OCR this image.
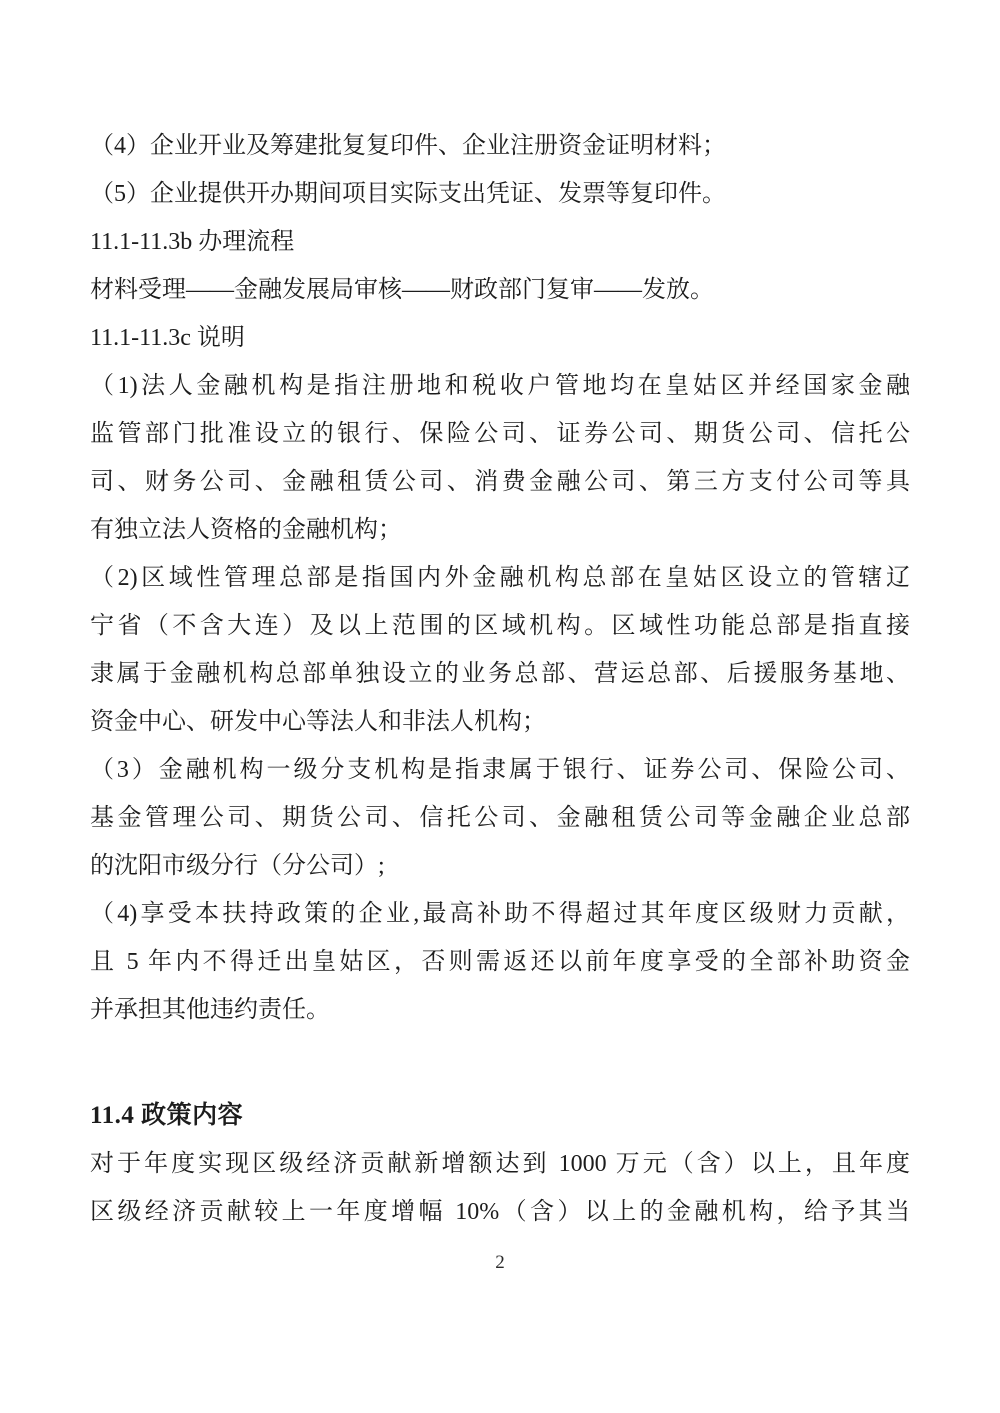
（4）企业开业及筹建批复复印件、企业注册资金证明材料；
（5）企业提供开办期间项目实际支出凭证、发票等复印件。
11.1-11.3b 办理流程
材料受理——金融发展局审核——财政部门复审——发放。
11.1-11.3c 说明
（1)法人金融机构是指注册地和税收户管地均在皇姑区并经国家金融
监管部门批准设立的银行、保险公司、证券公司、期货公司、信托公
司、财务公司、金融租赁公司、消费金融公司、第三方支付公司等具
有独立法人资格的金融机构；
（2)区域性管理总部是指国内外金融机构总部在皇姑区设立的管辖辽
宁省（不含大连）及以上范围的区域机构。区域性功能总部是指直接
隶属于金融机构总部单独设立的业务总部、营运总部、后援服务基地、
资金中心、研发中心等法人和非法人机构；
（3）金融机构一级分支机构是指隶属于银行、证券公司、保险公司、
基金管理公司、期货公司、信托公司、金融租赁公司等金融企业总部
的沈阳市级分行（分公司）;
（4)享受本扶持政策的企业,最高补助不得超过其年度区级财力贡献，
且 5 年内不得迁出皇姑区，否则需返还以前年度享受的全部补助资金
并承担其他违约责任。
11.4 政策内容
对于年度实现区级经济贡献新增额达到 1000 万元（含）以上，且年度
区级经济贡献较上一年度增幅 10%（含）以上的金融机构，给予其当
2
